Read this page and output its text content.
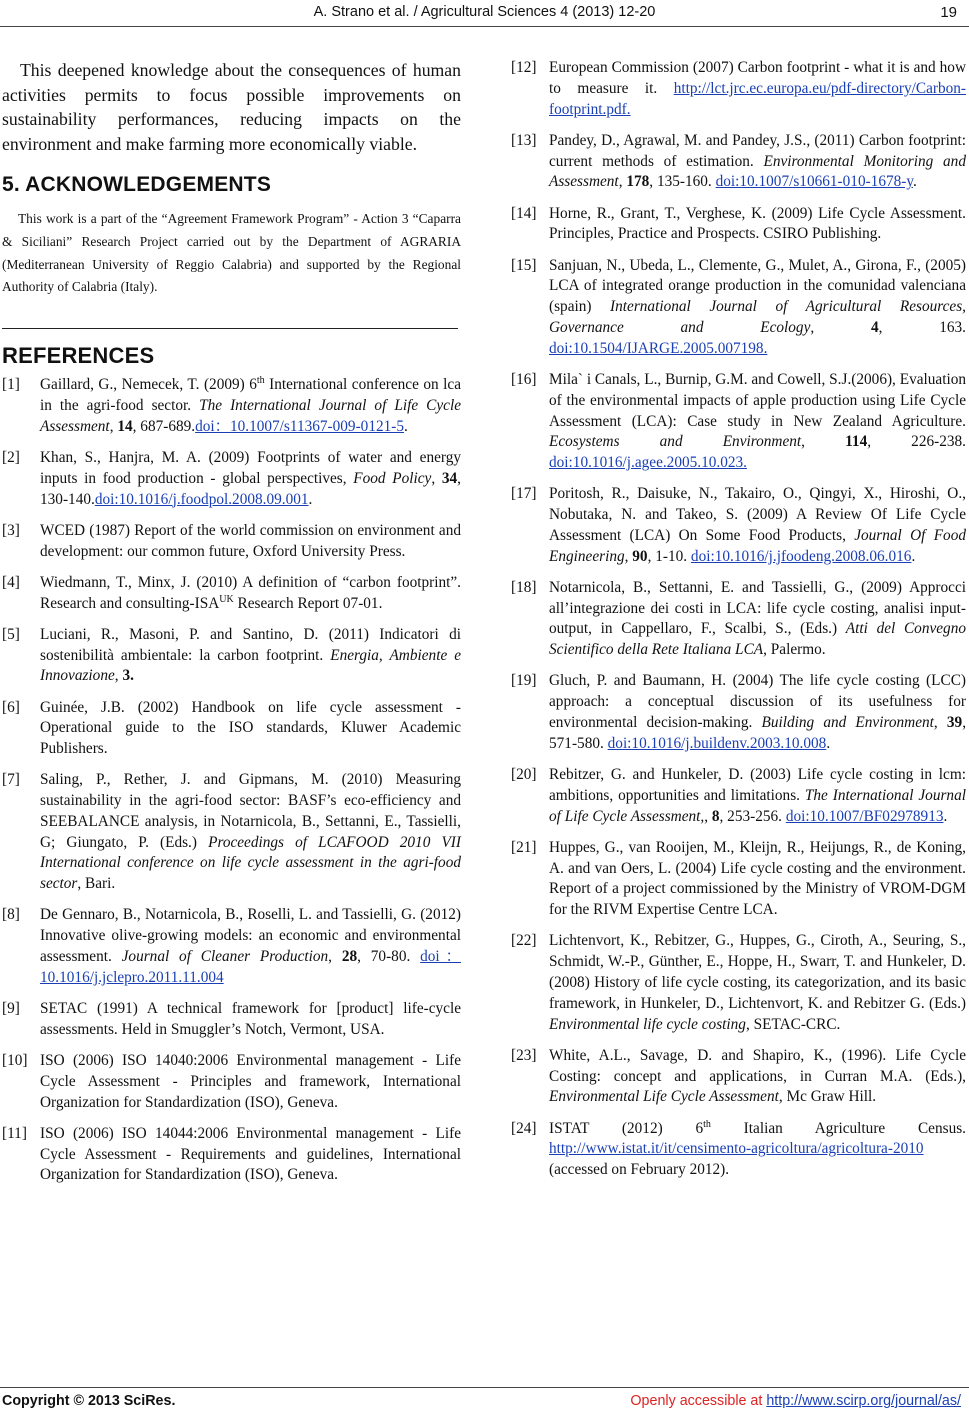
A. Strano et al. / Agricultural Sciences 4 (2013) 12-20	19

This deepened knowledge about the consequences of human activities permits to focus possible improvements on sustainability performances, reducing impacts on the environment and make farming more economically viable.

5. ACKNOWLEDGEMENTS

This work is a part of the “Agreement Framework Program” - Action 3 “Caparra & Siciliani” Research Project carried out by the Department of AGRARIA (Mediterranean University of Reggio Calabria) and supported by the Regional Authority of Calabria (Italy).

REFERENCES
[1]	Gaillard, G., Nemecek, T. (2009) 6th International conference on lca in the agri-food sector. The International Journal of Life Cycle Assessment, 14, 687-689.doi：10.1007/s11367-009-0121-5.
[2]	Khan, S., Hanjra, M. A. (2009) Footprints of water and energy inputs in food production - global perspectives, Food Policy, 34, 130-140.doi:10.1016/j.foodpol.2008.09.001.
[3]	WCED (1987) Report of the world commission on environment and development: our common future, Oxford University Press.
[4]	Wiedmann, T., Minx, J. (2010) A definition of “carbon footprint”. Research and consulting-$ISA^{UK}$ Research Report 07-01.
[5]	Luciani, R., Masoni, P. and Santino, D. (2011) Indicatori di sostenibilità ambientale: la carbon footprint. Energia, Ambiente e Innovazione, 3.
[6]	Guinée, J.B. (2002) Handbook on life cycle assessment - Operational guide to the ISO standards, Kluwer Academic Publishers.
[7]	Saling, P., Rether, J. and Gipmans, M. (2010) Measuring sustainability in the agri-food sector: BASF’s eco-efficiency and SEEBALANCE analysis, in Notarnicola, B., Settanni, E., Tassielli, G; Giungato, P. (Eds.) Proceedings of LCAFOOD 2010 VII International conference on life cycle assessment in the agri-food sector, Bari.
[8]	De Gennaro, B., Notarnicola, B., Roselli, L. and Tassielli, G. (2012) Innovative olive-growing models: an economic and environmental assessment. Journal of Cleaner Production, 28, 70-80. doi：10.1016/j.jclepro.2011.11.004
[9]	SETAC (1991) A technical framework for [product] life-cycle assessments. Held in Smuggler’s Notch, Vermont, USA.
[10] ISO (2006) ISO 14040:2006 Environmental management - Life Cycle Assessment - Principles and framework, International Organization for Standardization (ISO), Geneva.
[11] ISO (2006) ISO 14044:2006 Environmental management - Life Cycle Assessment - Requirements and guidelines, International Organization for Standardization (ISO), Geneva.
[12] European Commission (2007) Carbon footprint - what it is and how to measure it. http://lct.jrc.ec.europa.eu/pdf-directory/Carbon-footprint.pdf.
[13] Pandey, D., Agrawal, M. and Pandey, J.S., (2011) Carbon footprint: current methods of estimation. Environmental Monitoring and Assessment, 178, 135-160. doi:10.1007/s10661-010-1678-y.
[14] Horne, R., Grant, T., Verghese, K. (2009) Life Cycle Assessment. Principles, Practice and Prospects. CSIRO Publishing.
[15] Sanjuan, N., Ubeda, L., Clemente, G., Mulet, A., Girona, F., (2005) LCA of integrated orange production in the comunidad valenciana (spain) International Journal of Agricultural Resources, Governance and Ecology, 4, 163. doi:10.1504/IJARGE.2005.007198.
[16] Mila` i Canals, L., Burnip, G.M. and Cowell, S.J.(2006), Evaluation of the environmental impacts of apple production using Life Cycle Assessment (LCA): Case study in New Zealand Agriculture. Ecosystems and Environment, 114, 226-238. doi:10.1016/j.agee.2005.10.023.
[17] Poritosh, R., Daisuke, N., Takairo, O., Qingyi, X., Hiroshi, O., Nobutaka, N. and Takeo, S. (2009) A Review Of Life Cycle Assessment (LCA) On Some Food Products, Journal Of Food Engineering, 90, 1-10. doi:10.1016/j.jfoodeng.2008.06.016.
[18] Notarnicola, B., Settanni, E. and Tassielli, G., (2009) Approcci all’integrazione dei costi in LCA: life cycle costing, analisi input-output, in Cappellaro, F., Scalbi, S., (Eds.) Atti del Convegno Scientifico della Rete Italiana LCA, Palermo.
[19] Gluch, P. and Baumann, H. (2004) The life cycle costing (LCC) approach: a conceptual discussion of its usefulness for environmental decision-making. Building and Environment, 39, 571-580. doi:10.1016/j.buildenv.2003.10.008.
[20] Rebitzer, G. and Hunkeler, D. (2003) Life cycle costing in lcm: ambitions, opportunities and limitations. The International Journal of Life Cycle Assessment,, 8, 253-256. doi:10.1007/BF02978913.
[21] Huppes, G., van Rooijen, M., Kleijn, R., Heijungs, R., de Koning, A. and van Oers, L. (2004) Life cycle costing and the environment. Report of a project commissioned by the Ministry of VROM-DGM for the RIVM Expertise Centre LCA.
[22] Lichtenvort, K., Rebitzer, G., Huppes, G., Ciroth, A., Seuring, S., Schmidt, W.-P., Günther, E., Hoppe, H., Swarr, T. and Hunkeler, D. (2008) History of life cycle costing, its categorization, and its basic framework, in Hunkeler, D., Lichtenvort, K. and Rebitzer G. (Eds.) Environmental life cycle costing, SETAC-CRC.
[23] White, A.L., Savage, D. and Shapiro, K., (1996). Life Cycle Costing: concept and applications, in Curran M.A. (Eds.), Environmental Life Cycle Assessment, Mc Graw Hill.
[24] ISTAT (2012) 6th Italian Agriculture Census. http://www.istat.it/it/censimento-agricoltura/agricoltura-2010 (accessed on February 2012).
Copyright © 2013 SciRes.	Openly accessible at http://www.scirp.org/journal/as/
